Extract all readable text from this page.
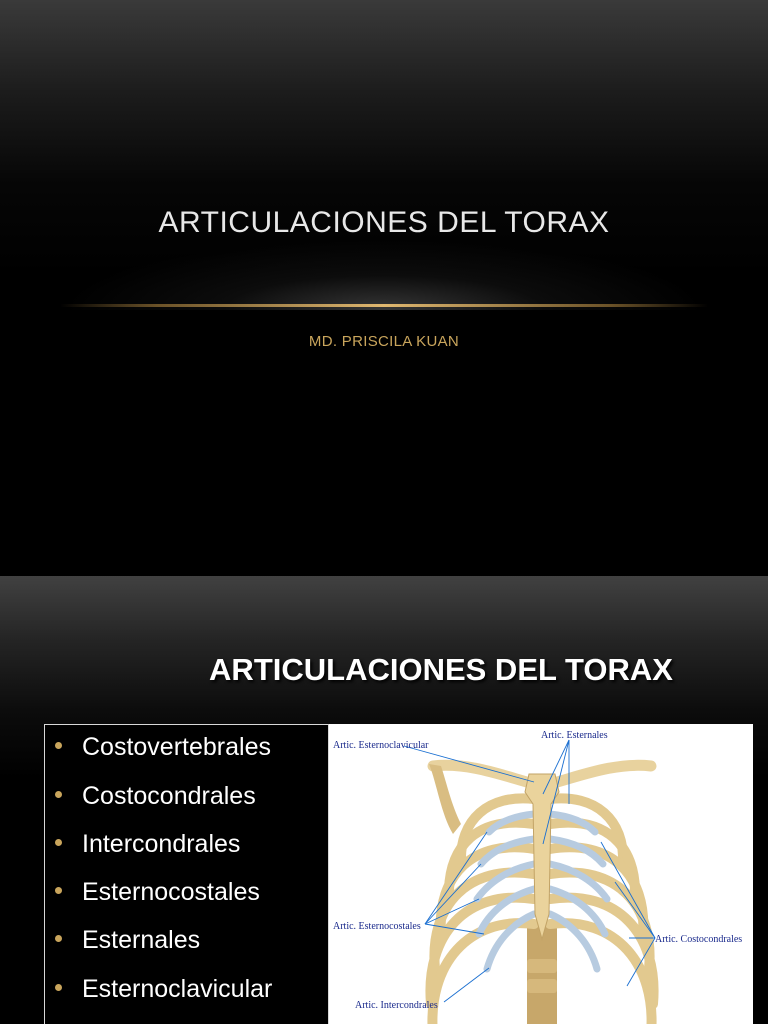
ARTICULACIONES DEL TORAX
MD. PRISCILA KUAN
ARTICULACIONES DEL TORAX
Costovertebrales
Costocondrales
Intercondrales
Esternocostales
Esternales
Esternoclavicular
Artic. Esternoclavicular
Artic. Esternales
Artic. Esternocostales
Artic. Costocondrales
Artic. Intercondrales
